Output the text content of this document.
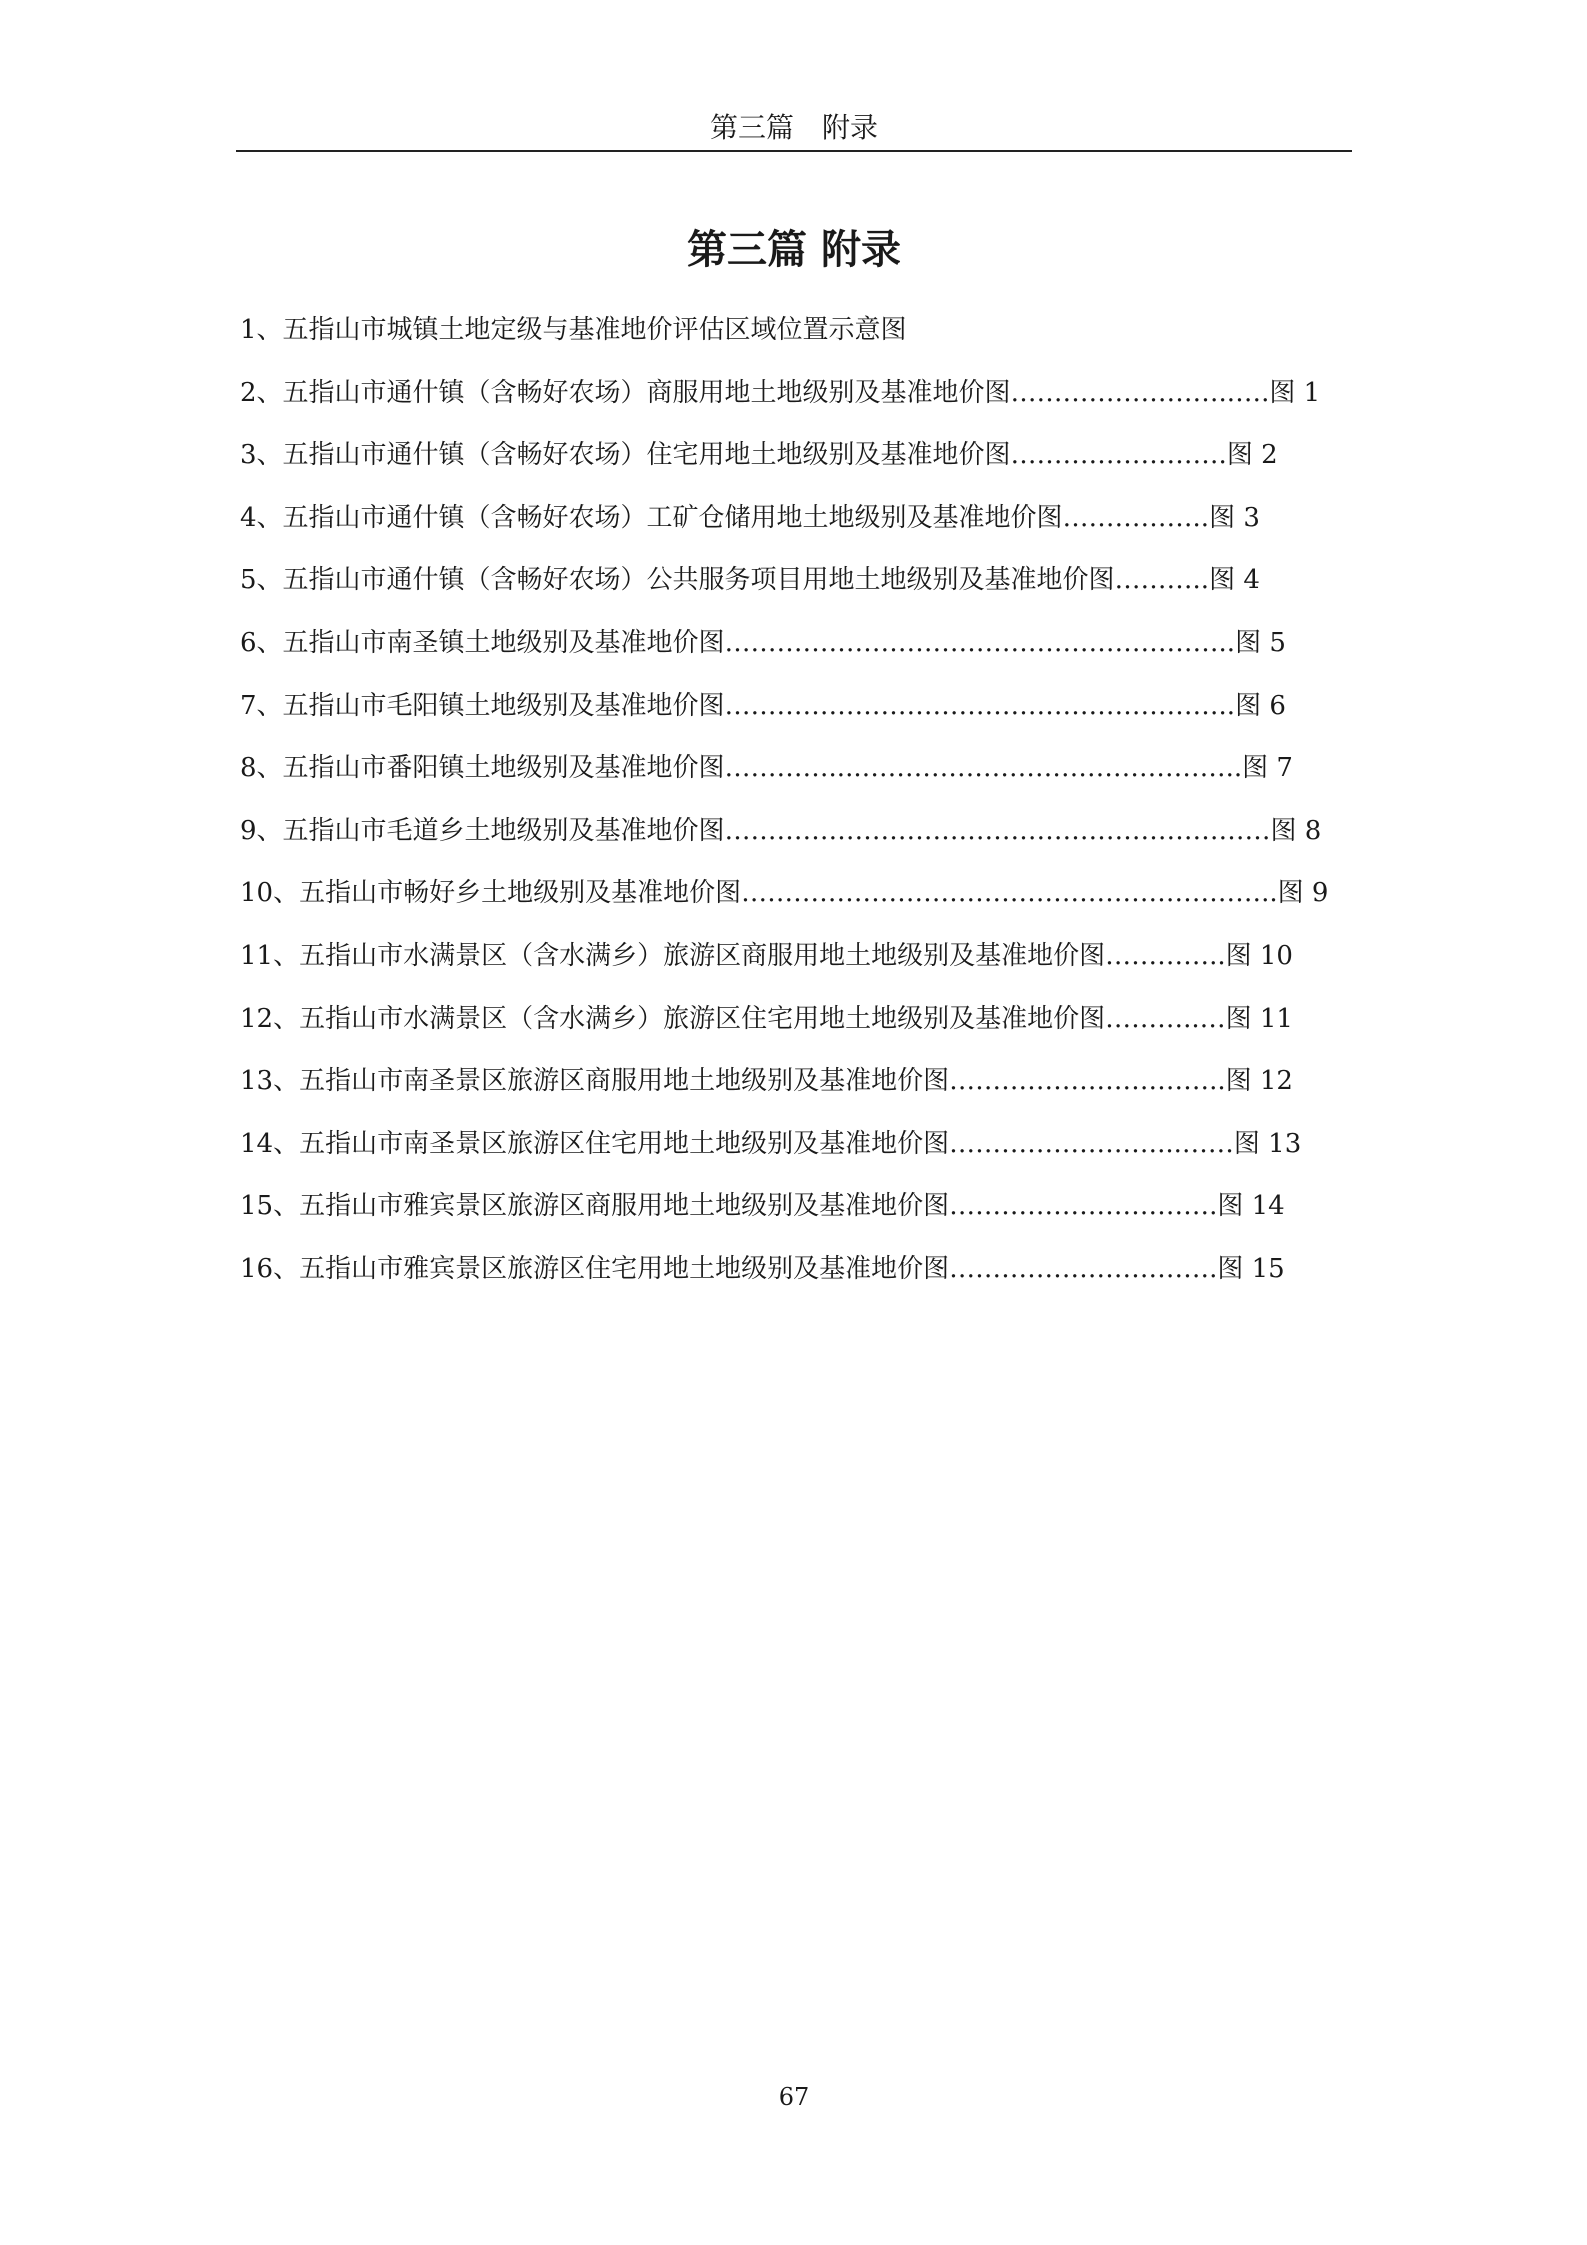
第三篇　附录
第三篇 附录
1、五指山市城镇土地定级与基准地价评估区域位置示意图
2、五指山市通什镇（含畅好农场）商服用地土地级别及基准地价图 ……………………..…. 图 1
3、五指山市通什镇（含畅好农场）住宅用地土地级别及基准地价图 ……………………. 图 2
4、五指山市通什镇（含畅好农场）工矿仓储用地土地级别及基准地价图 …………….. 图 3
5、五指山市通什镇（含畅好农场）公共服务项目用地土地级别及基准地价图 ……….. 图 4
6、五指山市南圣镇土地级别及基准地价图 ………………………………………………….. 图 5
7、五指山市毛阳镇土地级别及基准地价图 ………………………………………………….. 图 6
8、五指山市番阳镇土地级别及基准地价图 …………....…………………………………….. 图 7
9、五指山市毛道乡土地级别及基准地价图 ……………………………………………………… 图 8
10、五指山市畅好乡土地级别及基准地价图 …………………………………………………….. 图 9
11、五指山市水满景区（含水满乡）旅游区商服用地土地级别及基准地价图 ………….. 图 10
12、五指山市水满景区（含水满乡）旅游区住宅用地土地级别及基准地价图 ………..… 图 11
13、五指山市南圣景区旅游区商服用地土地级别及基准地价图 ………………………….. 图 12
14、五指山市南圣景区旅游区住宅用地土地级别及基准地价图 ……………………...…… 图 13
15、五指山市雅宾景区旅游区商服用地土地级别及基准地价图 …………………………. 图 14
16、五指山市雅宾景区旅游区住宅用地土地级别及基准地价图 …………………………. 图 15
67
